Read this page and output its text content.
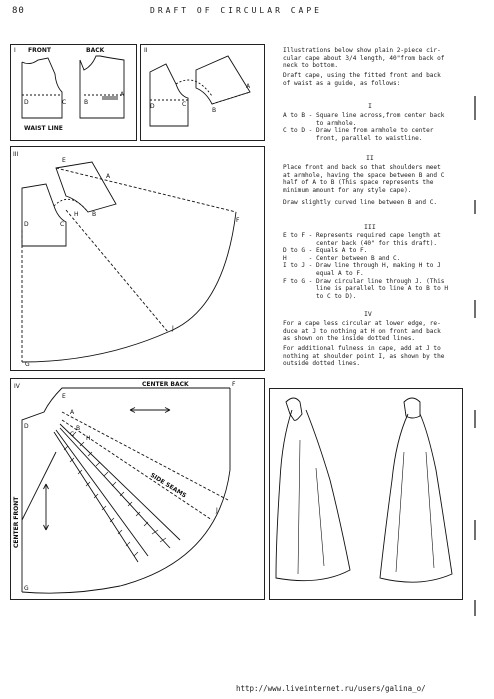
80	DRAFT OF CIRCULAR CAPE
I FRONT	BACK
WAIST LINE
A
B
C
D
II
A
B
C
D
III
E
A
B
C
D
H
J
F
G
IV	CENTER BACK
CENTER FRONT
SIDE SEAMS
E
A
B
C
D
H
F
J
G
Illustrations below show plain 2-piece cir-
cular cape about 3/4 length, 40"from back of
neck to bottom.
Draft cape, using the fitted front and back
of waist as a guide, as follows:
I
A to B - Square line across,from center back
to armhole.
C to D - Draw line from armhole to center
front, parallel to waistline.
II
Place front and back so that shoulders meet
at armhole, having the space between B and C
half of A to B (This space represents the
minimum amount for any style cape).
Draw slightly curved line between B and C.
III
E to F - Represents required cape length at
center back (40" for this draft).
D to G - Equals A to F.
H      - Center between B and C.
I to J - Draw line through H, making H to J
equal A to F.
F to G - Draw circular line through J. (This
line is parallel to line A to B to H
to C to D).
IV
For a cape less circular at lower edge, re-
duce at J to nothing at H on front and back
as shown on the inside dotted lines.
For additional fulness in cape, add at J to
nothing at shoulder point I, as shown by the
outside dotted lines.
http://www.liveinternet.ru/users/galina_o/
